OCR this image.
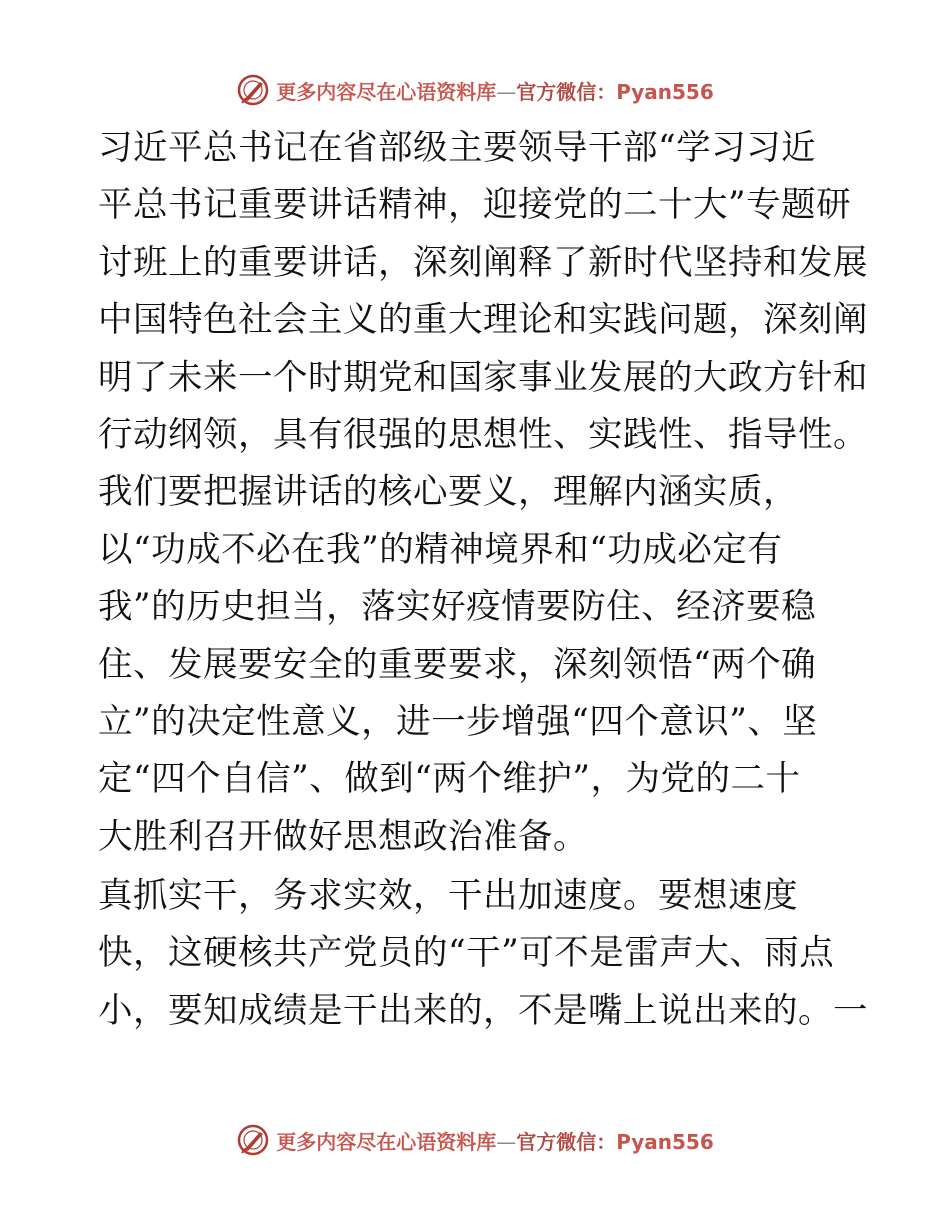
更多内容尽在心语资料库—官方微信：Pyan556
习近平总书记在省部级主要领导干部“学习习近
平总书记重要讲话精神，迎接党的二十大”专题研
讨班上的重要讲话，深刻阐释了新时代坚持和发展
中国特色社会主义的重大理论和实践问题，深刻阐
明了未来一个时期党和国家事业发展的大政方针和
行动纲领，具有很强的思想性、实践性、指导性。
我们要把握讲话的核心要义，理解内涵实质，
以“功成不必在我”的精神境界和“功成必定有
我”的历史担当，落实好疫情要防住、经济要稳
住、发展要安全的重要要求，深刻领悟“两个确
立”的决定性意义，进一步增强“四个意识”、坚
定“四个自信”、做到“两个维护”，为党的二十
大胜利召开做好思想政治准备。
真抓实干，务求实效，干出加速度。要想速度
快，这硬核共产党员的“干”可不是雷声大、雨点
小，要知成绩是干出来的，不是嘴上说出来的。一
更多内容尽在心语资料库—官方微信：Pyan556
